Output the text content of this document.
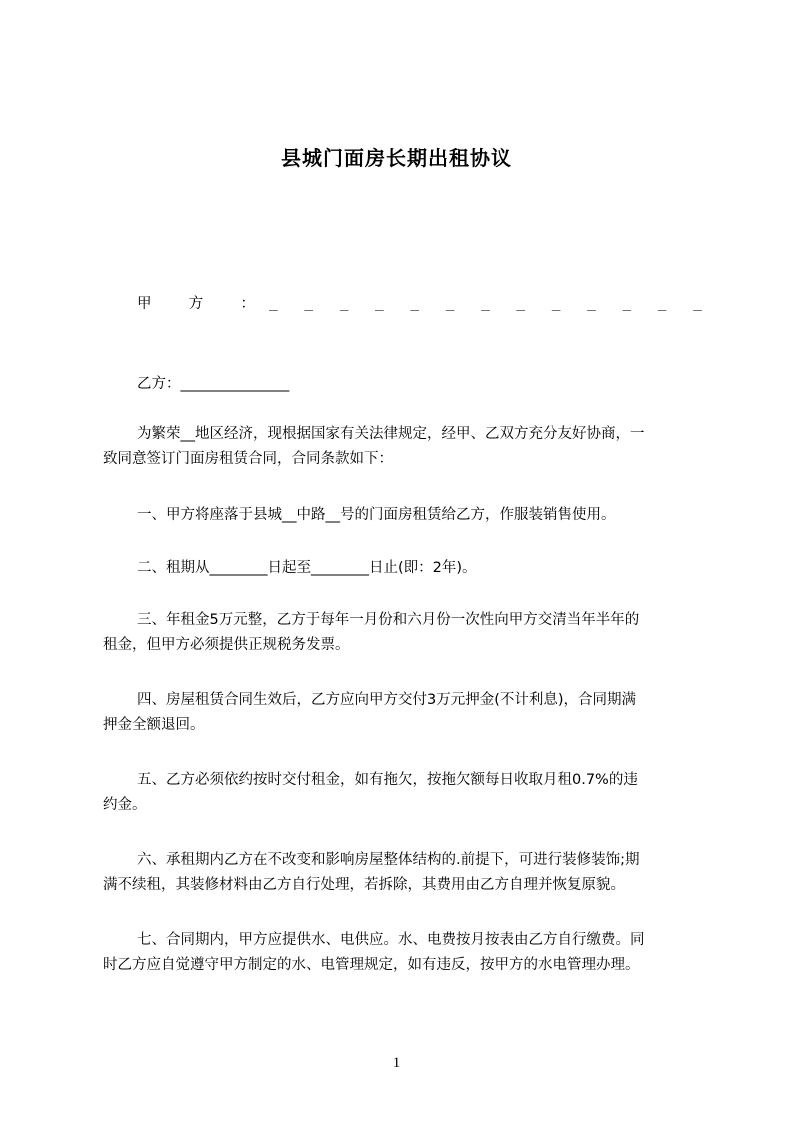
县城门面房长期出租协议
甲	方	： _ _ _ _ _ _ _ _ _ _ _ _ _
乙方：_______________
为繁荣__地区经济，现根据国家有关法律规定，经甲、乙双方充分友好协商，一
致同意签订门面房租赁合同，合同条款如下：
一、甲方将座落于县城__中路__号的门面房租赁给乙方，作服装销售使用。
二、租期从________日起至________日止(即：2年)。
三、年租金5万元整，乙方于每年一月份和六月份一次性向甲方交清当年半年的
租金，但甲方必须提供正规税务发票。
四、房屋租赁合同生效后，乙方应向甲方交付3万元押金(不计利息)，合同期满
押金全额退回。
五、乙方必须依约按时交付租金，如有拖欠，按拖欠额每日收取月租0.7%的违
约金。
六、承租期内乙方在不改变和影响房屋整体结构的.前提下，可进行装修装饰;期
满不续租，其装修材料由乙方自行处理，若拆除，其费用由乙方自理并恢复原貌。
七、合同期内，甲方应提供水、电供应。水、电费按月按表由乙方自行缴费。同
时乙方应自觉遵守甲方制定的水、电管理规定，如有违反，按甲方的水电管理办理。
1
